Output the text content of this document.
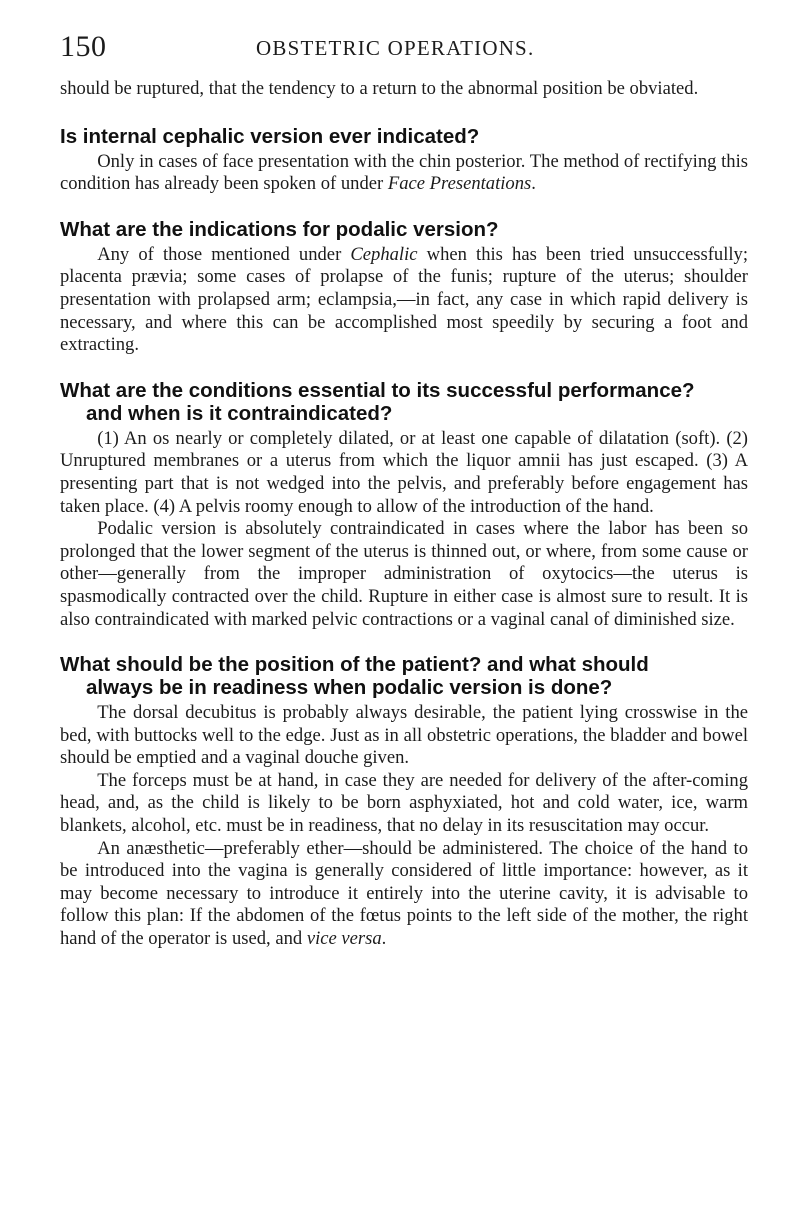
150	OBSTETRIC OPERATIONS.

should be ruptured, that the tendency to a return to the abnormal position be obviated.

Is internal cephalic version ever indicated?

Only in cases of face presentation with the chin posterior. The method of rectifying this condition has already been spoken of under Face Presentations.

What are the indications for podalic version?

Any of those mentioned under Cephalic when this has been tried unsuccessfully; placenta prævia; some cases of prolapse of the funis; rupture of the uterus; shoulder presentation with prolapsed arm; eclampsia,—in fact, any case in which rapid delivery is necessary, and where this can be accomplished most speedily by securing a foot and extracting.

What are the conditions essential to its successful performance?
and when is it contraindicated?

(1) An os nearly or completely dilated, or at least one capable of dilatation (soft). (2) Unruptured membranes or a uterus from which the liquor amnii has just escaped. (3) A presenting part that is not wedged into the pelvis, and preferably before engagement has taken place. (4) A pelvis roomy enough to allow of the introduction of the hand.

Podalic version is absolutely contraindicated in cases where the labor has been so prolonged that the lower segment of the uterus is thinned out, or where, from some cause or other—generally from the improper administration of oxytocics—the uterus is spasmodically contracted over the child. Rupture in either case is almost sure to result. It is also contraindicated with marked pelvic contractions or a vaginal canal of diminished size.

What should be the position of the patient? and what should
always be in readiness when podalic version is done?

The dorsal decubitus is probably always desirable, the patient lying crosswise in the bed, with buttocks well to the edge. Just as in all obstetric operations, the bladder and bowel should be emptied and a vaginal douche given.

The forceps must be at hand, in case they are needed for delivery of the after-coming head, and, as the child is likely to be born asphyxiated, hot and cold water, ice, warm blankets, alcohol, etc. must be in readiness, that no delay in its resuscitation may occur.

An anæsthetic—preferably ether—should be administered. The choice of the hand to be introduced into the vagina is generally considered of little importance: however, as it may become necessary to introduce it entirely into the uterine cavity, it is advisable to follow this plan: If the abdomen of the fœtus points to the left side of the mother, the right hand of the operator is used, and vice versa.
